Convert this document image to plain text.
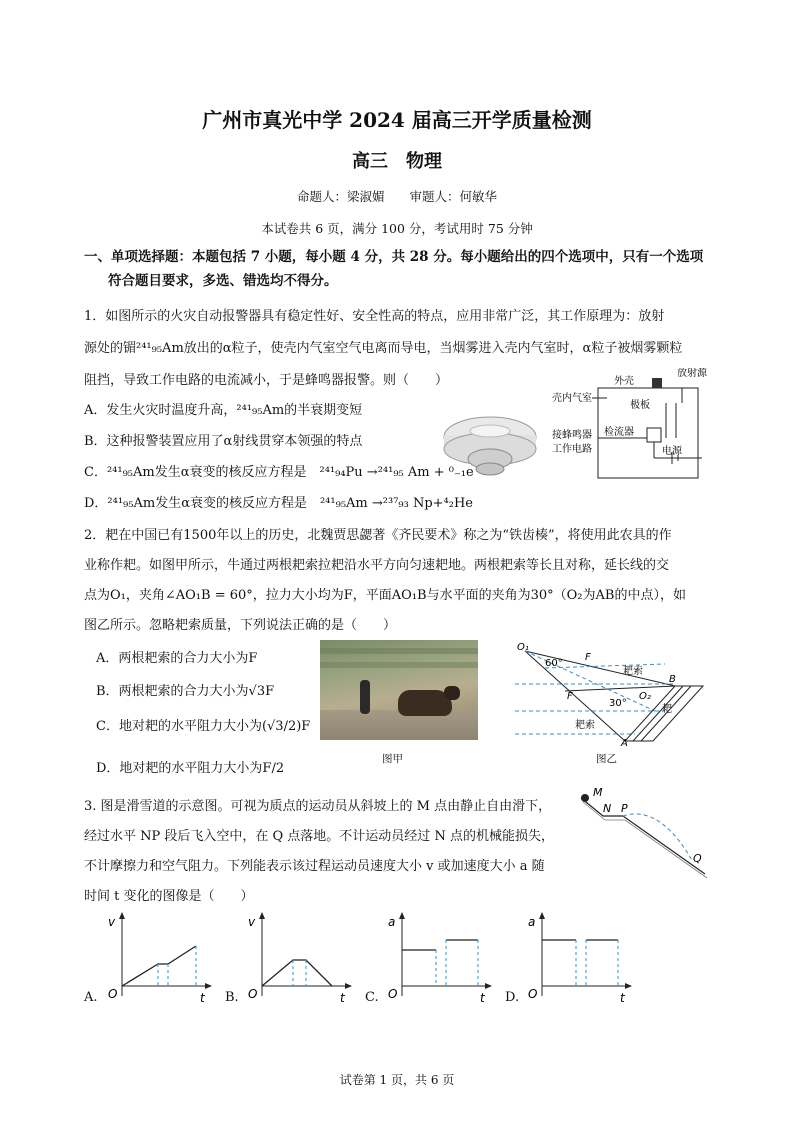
广州市真光中学 2024 届高三开学质量检测
高三　物理
命题人：梁淑媚　　审题人：何敏华
本试卷共 6 页，满分 100 分，考试用时 75 分钟
一、单项选择题：本题包括 7 小题，每小题 4 分，共 28 分。每小题给出的四个选项中，只有一个选项
符合题目要求，多选、错选均不得分。
1．如图所示的火灾自动报警器具有稳定性好、安全性高的特点，应用非常广泛，其工作原理为：放射
源处的镅²⁴¹₉₅Am放出的α粒子，使壳内气室空气电离而导电，当烟雾进入壳内气室时，α粒子被烟雾颗粒
阻挡，导致工作电路的电流减小，于是蜂鸣器报警。则（　　）
A．发生火灾时温度升高，²⁴¹₉₅Am的半衰期变短
B．这种报警装置应用了α射线贯穿本领强的特点
C．²⁴¹₉₅Am发生α衰变的核反应方程是　²⁴¹₉₄Pu →²⁴¹₉₅ Am + ⁰₋₁e
D．²⁴¹₉₅Am发生α衰变的核反应方程是　²⁴¹₉₅Am →²³⁷₉₃ Np+⁴₂He
外壳
放射源
壳内气室
极板
检流器
接蜂鸣器
工作电路	电源
2．耙在中国已有1500年以上的历史，北魏贾思勰著《齐民要术》称之为“铁齿楱”，将使用此农具的作
业称作耙。如图甲所示，牛通过两根耙索拉耙沿水平方向匀速耙地。两根耙索等长且对称，延长线的交
点为O₁，夹角∠AO₁B = 60°，拉力大小均为F，平面AO₁B与水平面的夹角为30°（O₂为AB的中点），如
图乙所示。忽略耙索质量，下列说法正确的是（　　）
A．两根耙索的合力大小为F
B．两根耙索的合力大小为√3F
C．地对耙的水平阻力大小为(√3/2)F
D．地对耙的水平阻力大小为F/2
图甲
O₁
60°
F
耙索
B
F	O₂
30°
耙
耙索
A
图乙
3. 图是滑雪道的示意图。可视为质点的运动员从斜坡上的 M 点由静止自由滑下，
经过水平 NP 段后飞入空中，在 Q 点落地。不计运动员经过 N 点的机械能损失，
不计摩擦力和空气阻力。下列能表示该过程运动员速度大小 v 或加速度大小 a 随
时间 t 变化的图像是（　　）
M
N P
Q
A.
v
O	t B.
v
O	t C.
a
O	t D.
a
O	t
试卷第 1 页，共 6 页
